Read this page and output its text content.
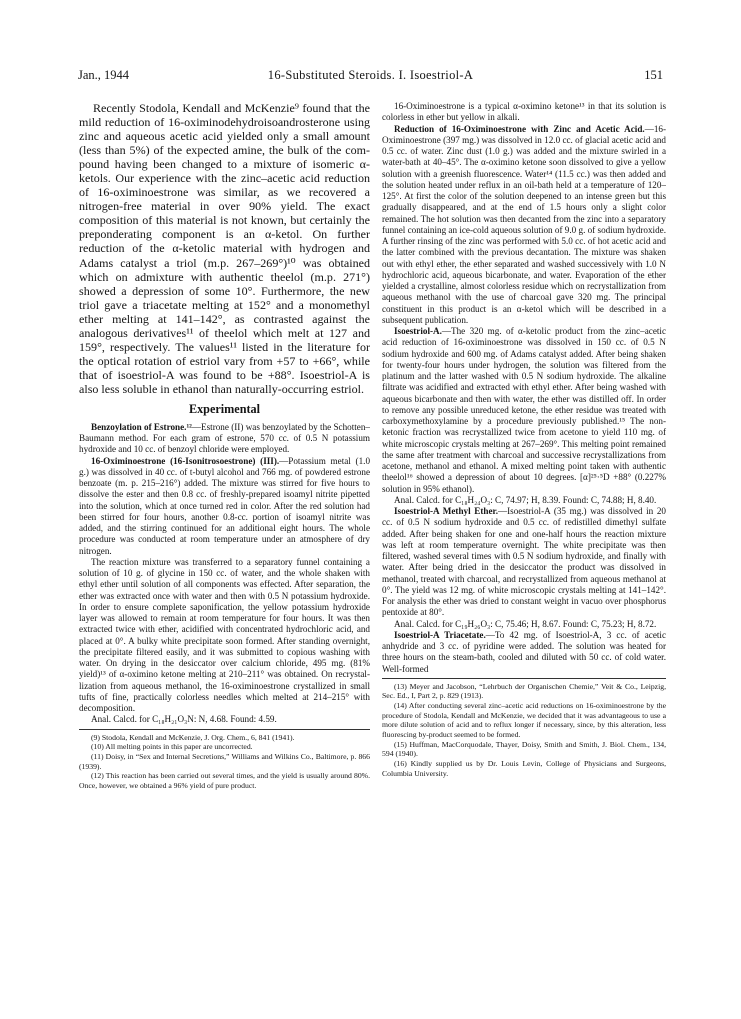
Jan., 1944	16-Substituted Steroids. I. Isoestriol-A	151

Recently Stodola, Kendall and McKenzie⁹ found that the mild reduction of 16-oximinodehydroisoandrosterone using zinc and aqueous acetic acid yielded only a small amount (less than 5%) of the expected amine, the bulk of the compound having been changed to a mixture of isomeric α-ketols. Our experience with the zinc–acetic acid reduction of 16-oximinoestrone was similar, as we recovered a nitrogen-free material in over 90% yield. The exact composition of this material is not known, but certainly the preponderating component is an α-ketol. On further reduction of the α-ketolic material with hydrogen and Adams catalyst a triol (m.p. 267–269°)¹⁰ was obtained which on admixture with authentic theelol (m.p. 271°) showed a depression of some 10°. Furthermore, the new triol gave a triacetate melting at 152° and a monomethyl ether melting at 141–142°, as contrasted against the analogous derivatives¹¹ of theelol which melt at 127 and 159°, respectively. The values¹¹ listed in the literature for the optical rotation of estriol vary from +57 to +66°, while that of isoestriol-A was found to be +88°. Isoestriol-A is also less soluble in ethanol than naturally-occurring estriol.

Experimental

Benzoylation of Estrone.¹²—Estrone (II) was benzoylated by the Schotten–Baumann method. For each gram of estrone, 570 cc. of 0.5 N potassium hydroxide and 10 cc. of benzoyl chloride were employed.

16-Oximinoestrone (16-Isonitrosoestrone) (III).—Potassium metal (1.0 g.) was dissolved in 40 cc. of t-butyl alcohol and 766 mg. of powdered estrone benzoate (m. p. 215–216°) added. The mixture was stirred for five hours to dissolve the ester and then 0.8 cc. of freshly-prepared isoamyl nitrite pipetted into the solution, which at once turned red in color. After the red solution had been stirred for four hours, another 0.8-cc. portion of isoamyl nitrite was added, and the stirring continued for an additional eight hours. The whole procedure was conducted at room temperature under an atmosphere of dry nitrogen.

The reaction mixture was transferred to a separatory funnel containing a solution of 10 g. of glycine in 150 cc. of water, and the whole shaken with ethyl ether until solution of all components was effected. After separation, the ether was extracted once with water and then with 0.5 N potassium hydroxide. In order to ensure complete saponification, the yellow potassium hydroxide layer was allowed to remain at room temperature for four hours. It was then extracted twice with ether, acidified with concentrated hydrochloric acid, and placed at 0°. A bulky white precipitate soon formed. After standing overnight, the precipitate filtered easily, and it was submitted to copious washing with water. On drying in the desiccator over calcium chloride, 495 mg. (81% yield)¹³ of α-oximino ketone melting at 210–211° was obtained. On recrystallization from aqueous methanol, the 16-oximinoestrone crystallized in small tufts of fine, practically colorless needles which melted at 214–215° with decomposition.

Anal. Calcd. for C₁₈H₂₁O₃N: N, 4.68. Found: 4.59.

(9) Stodola, Kendall and McKenzie, J. Org. Chem., 6, 841 (1941).

(10) All melting points in this paper are uncorrected.

(11) Doisy, in “Sex and Internal Secretions,” Williams and Wilkins Co., Baltimore, p. 866 (1939).

(12) This reaction has been carried out several times, and the yield is usually around 80%. Once, however, we obtained a 96% yield of pure product.

16-Oximinoestrone is a typical α-oximino ketone¹³ in that its solution is colorless in ether but yellow in alkali.

Reduction of 16-Oximinoestrone with Zinc and Acetic Acid.—16-Oximinoestrone (397 mg.) was dissolved in 12.0 cc. of glacial acetic acid and 0.5 cc. of water. Zinc dust (1.0 g.) was added and the mixture swirled in a water-bath at 40–45°. The α-oximino ketone soon dissolved to give a yellow solution with a greenish fluorescence. Water¹⁴ (11.5 cc.) was then added and the solution heated under reflux in an oil-bath held at a temperature of 120–125°. At first the color of the solution deepened to an intense green but this gradually disappeared, and at the end of 1.5 hours only a slight color remained. The hot solution was then decanted from the zinc into a separatory funnel containing an ice-cold aqueous solution of 9.0 g. of sodium hydroxide. A further rinsing of the zinc was performed with 5.0 cc. of hot acetic acid and the latter combined with the previous decantation. The mixture was shaken out with ethyl ether, the ether separated and washed successively with 1.0 N hydrochloric acid, aqueous bicarbonate, and water. Evaporation of the ether yielded a crystalline, almost colorless residue which on recrystallization from aqueous methanol with the use of charcoal gave 320 mg. The principal constituent in this product is an α-ketol which will be described in a subsequent publication.

Isoestriol-A.—The 320 mg. of α-ketolic product from the zinc–acetic acid reduction of 16-oximinoestrone was dissolved in 150 cc. of 0.5 N sodium hydroxide and 600 mg. of Adams catalyst added. After being shaken for twenty-four hours under hydrogen, the solution was filtered from the platinum and the latter washed with 0.5 N sodium hydroxide. The alkaline filtrate was acidified and extracted with ethyl ether. After being washed with aqueous bicarbonate and then with water, the ether was distilled off. In order to remove any possible unreduced ketone, the ether residue was treated with carboxymethoxylamine by a procedure previously published.¹⁵ The non-ketonic fraction was recrystallized twice from acetone to yield 110 mg. of white microscopic crystals melting at 267–269°. This melting point remained the same after treatment with charcoal and successive recrystallizations from acetone, methanol and ethanol. A mixed melting point taken with authentic theelol¹⁶ showed a depression of about 10 degrees. [α]²⁵·⁵D +88° (0.227% solution in 95% ethanol).

Anal. Calcd. for C₁₈H₂₄O₃: C, 74.97; H, 8.39. Found: C, 74.88; H, 8.40.

Isoestriol-A Methyl Ether.—Isoestriol-A (35 mg.) was dissolved in 20 cc. of 0.5 N sodium hydroxide and 0.5 cc. of redistilled dimethyl sulfate added. After being shaken for one and one-half hours the reaction mixture was left at room temperature overnight. The white precipitate was then filtered, washed several times with 0.5 N sodium hydroxide, and finally with water. After being dried in the desiccator the product was dissolved in methanol, treated with charcoal, and recrystallized from aqueous methanol at 0°. The yield was 12 mg. of white microscopic crystals melting at 141–142°. For analysis the ether was dried to constant weight in vacuo over phosphorus pentoxide at 80°.

Anal. Calcd. for C₁₉H₂₆O₃: C, 75.46; H, 8.67. Found: C, 75.23; H, 8.72.

Isoestriol-A Triacetate.—To 42 mg. of Isoestriol-A, 3 cc. of acetic anhydride and 3 cc. of pyridine were added. The solution was heated for three hours on the steam-bath, cooled and diluted with 50 cc. of cold water. Well-formed

(13) Meyer and Jacobson, “Lehrbuch der Organischen Chemie,” Veit & Co., Leipzig, Sec. Ed., I, Part 2, p. 829 (1913).

(14) After conducting several zinc–acetic acid reductions on 16-oximinoestrone by the procedure of Stodola, Kendall and McKenzie, we decided that it was advantageous to use a more dilute solution of acid and to reflux longer if necessary, since, by this alteration, less fluorescing by-product seemed to be formed.

(15) Huffman, MacCorquodale, Thayer, Doisy, Smith and Smith, J. Biol. Chem., 134, 594 (1940).

(16) Kindly supplied us by Dr. Louis Levin, College of Physicians and Surgeons, Columbia University.
